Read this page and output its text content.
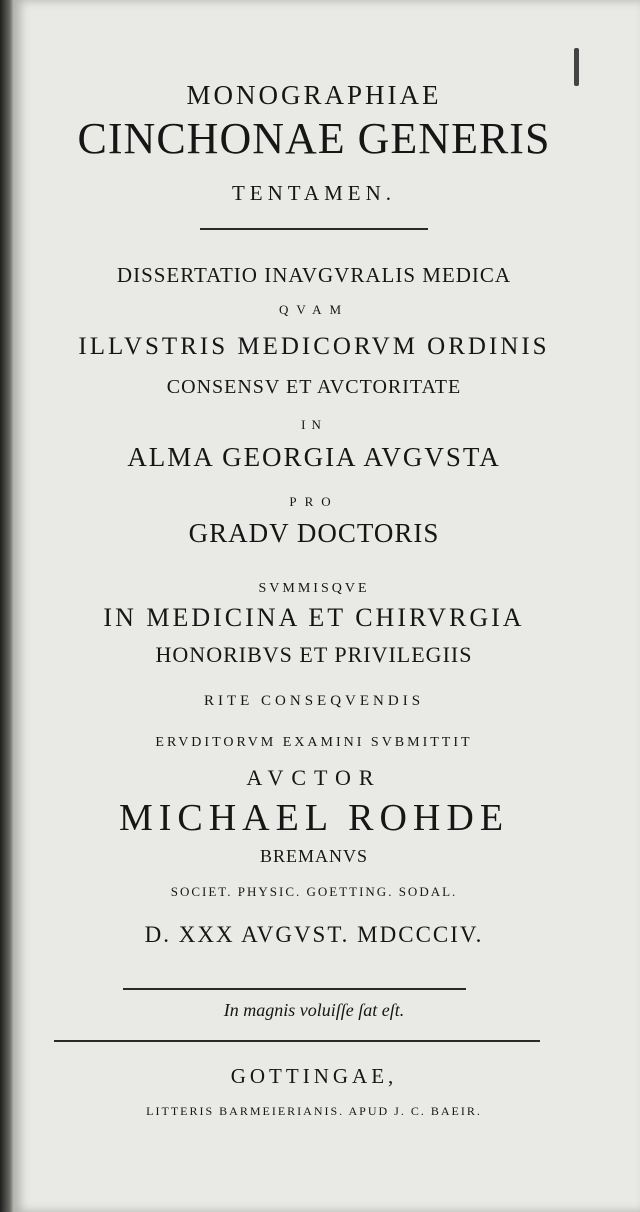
MONOGRAPHIAE
CINCHONAE GENERIS
TENTAMEN.
DISSERTATIO INAVGVRALIS MEDICA
QVAM
ILLVSTRIS MEDICORVM ORDINIS
CONSENSV ET AVCTORITATE
IN
ALMA GEORGIA AVGVSTA
PRO
GRADV DOCTORIS
SVMMISQVE
IN MEDICINA ET CHIRVRGIA
HONORIBVS ET PRIVILEGIIS
RITE CONSEQVENDIS
ERVDITORVM EXAMINI SVBMITTIT
AVCTOR
MICHAEL ROHDE
BREMANVS
SOCIET. PHYSIC. GOETTING. SODAL.
D. XXX AVGVST. MDCCCIV.
In magnis voluiſſe ſat eſt.
GOTTINGAE,
LITTERIS BARMEIERIANIS. APUD J. C. BAEIR.
